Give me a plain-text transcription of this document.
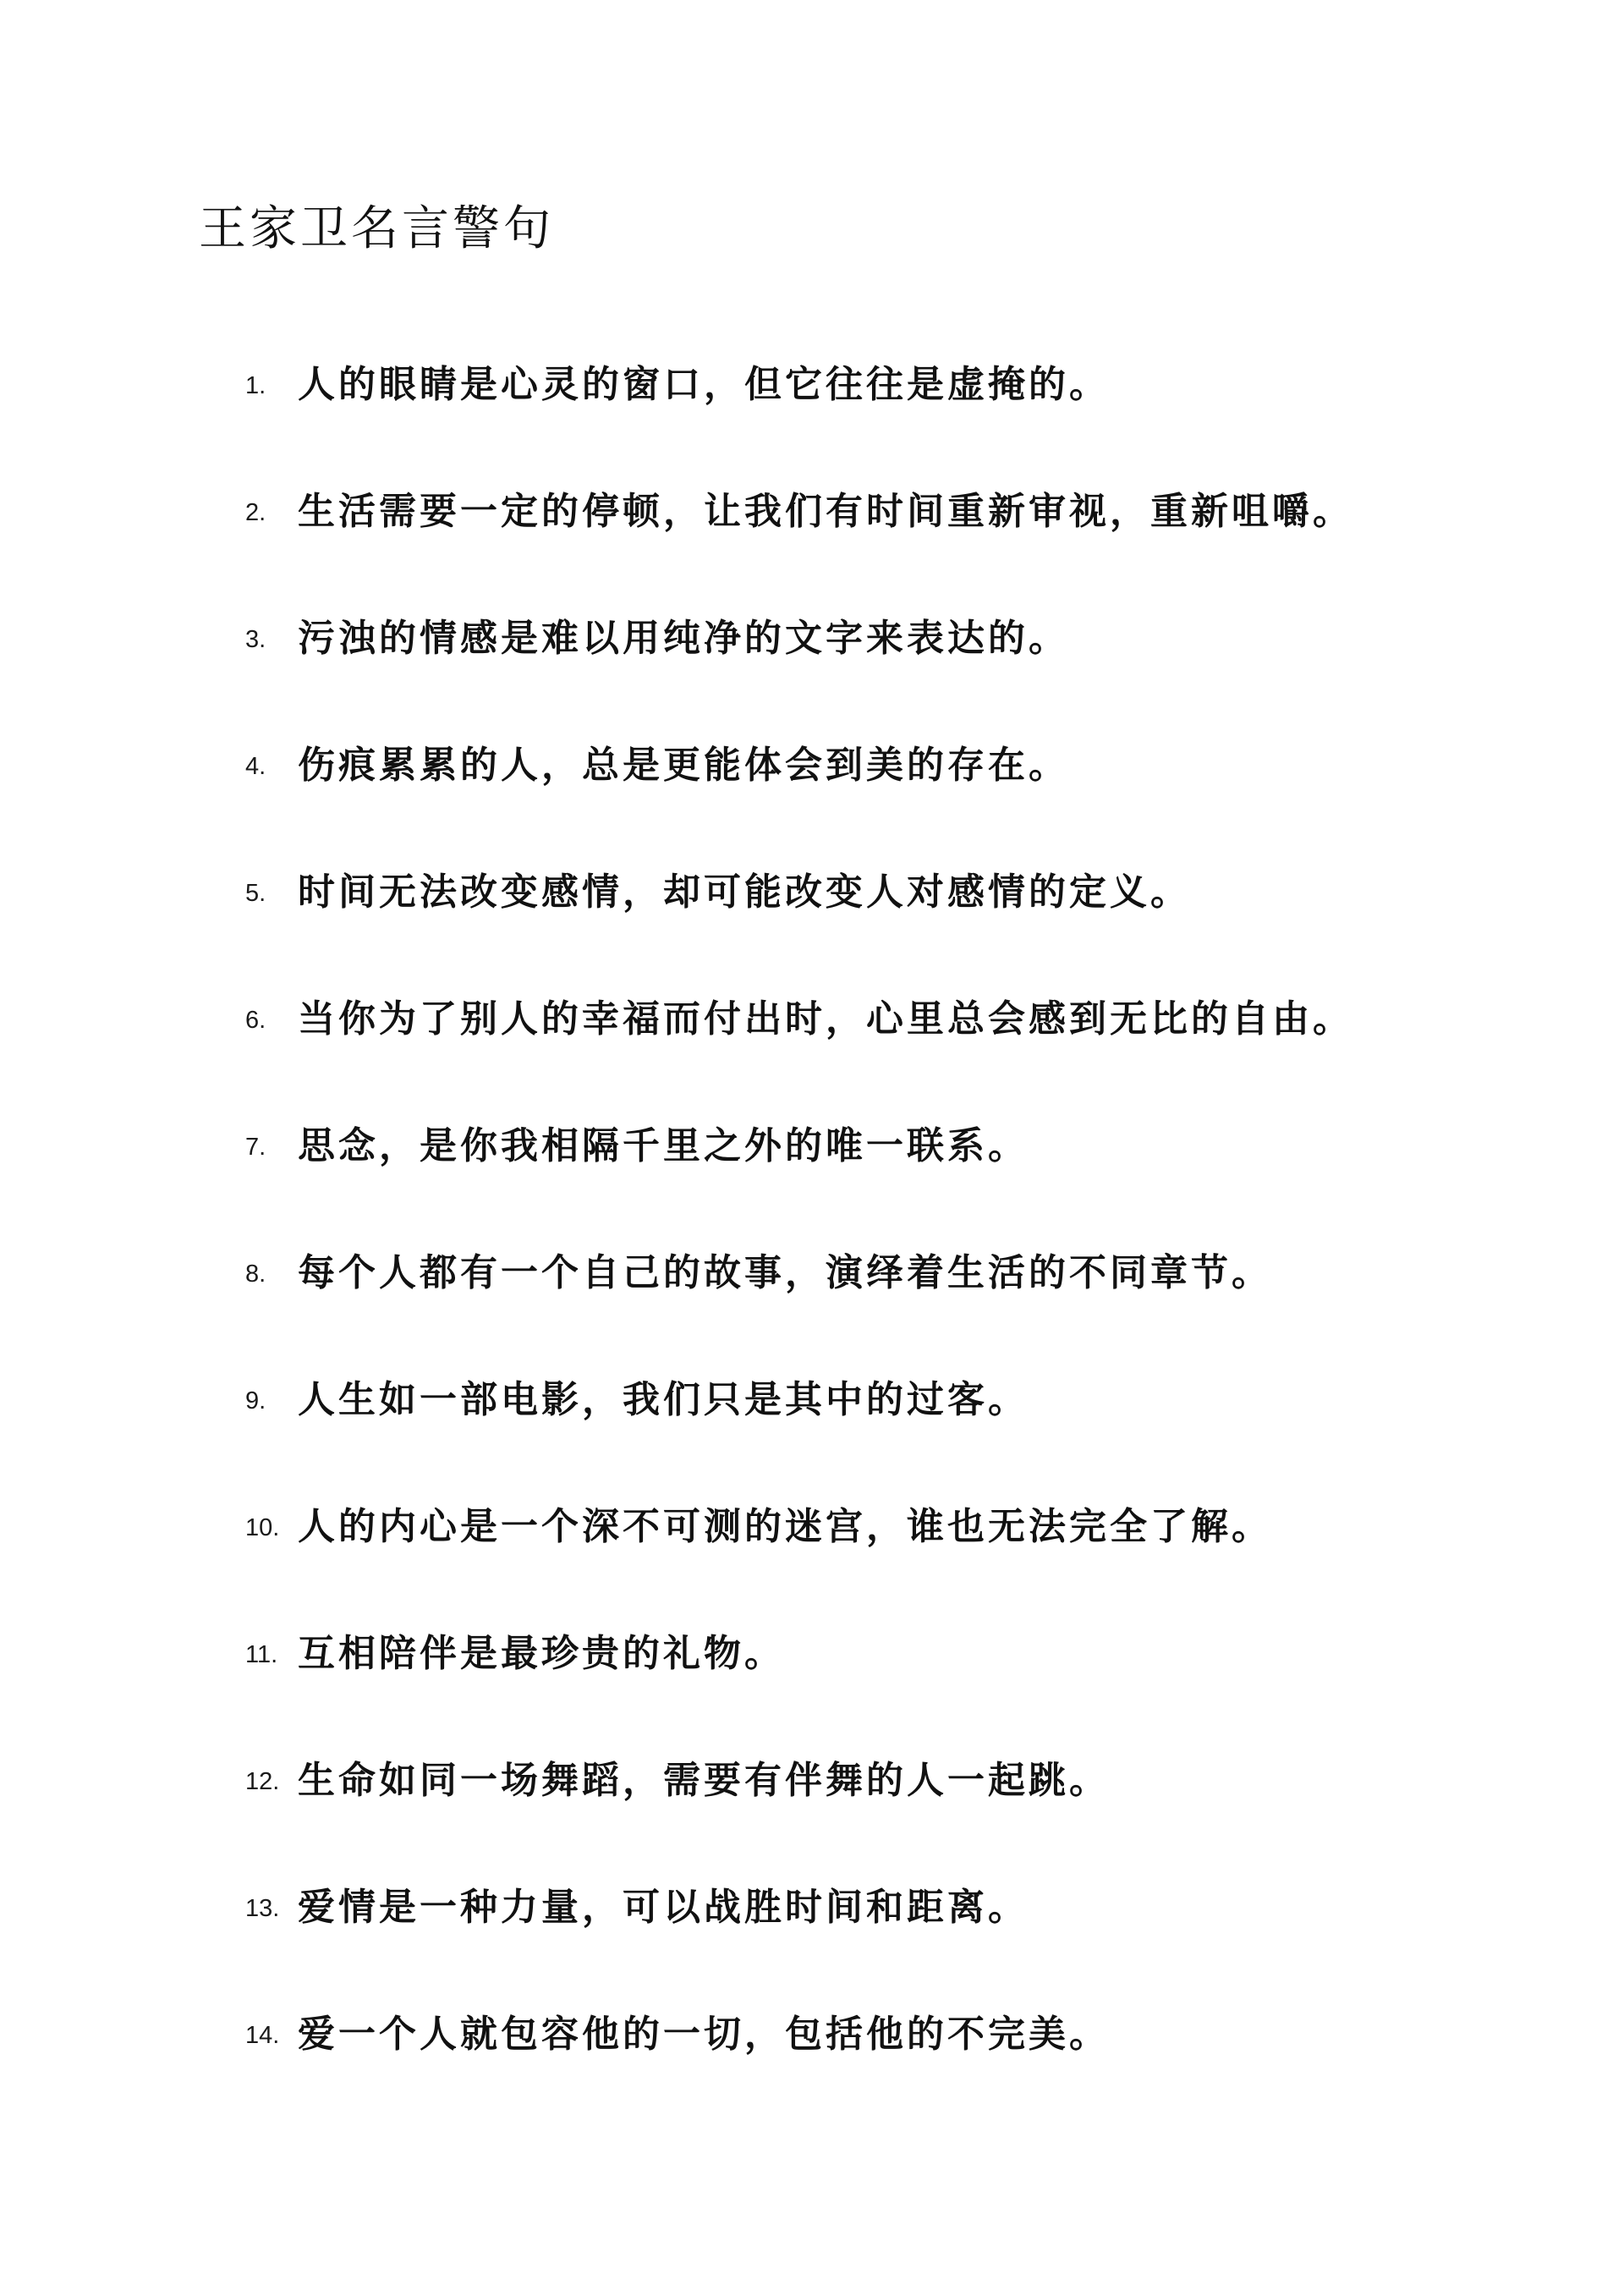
王家卫名言警句
1. 人的眼睛是心灵的窗口，但它往往是虚掩的。
2. 生活需要一定的停顿，让我们有时间重新审视，重新咀嚼。
3. 污浊的情感是难以用纯净的文字来表达的。
4. 伤痕累累的人，总是更能体会到美的存在。
5. 时间无法改变感情，却可能改变人对感情的定义。
6. 当你为了别人的幸福而付出时，心里总会感到无比的自由。
7. 思念，是你我相隔千里之外的唯一联系。
8. 每个人都有一个自己的故事，演绎着生活的不同章节。
9. 人生如一部电影，我们只是其中的过客。
10. 人的内心是一个深不可测的迷宫，谁也无法完全了解。
11. 互相陪伴是最珍贵的礼物。
12. 生命如同一场舞蹈，需要有伴舞的人一起跳。
13. 爱情是一种力量，可以战胜时间和距离。
14. 爱一个人就包容他的一切，包括他的不完美。
